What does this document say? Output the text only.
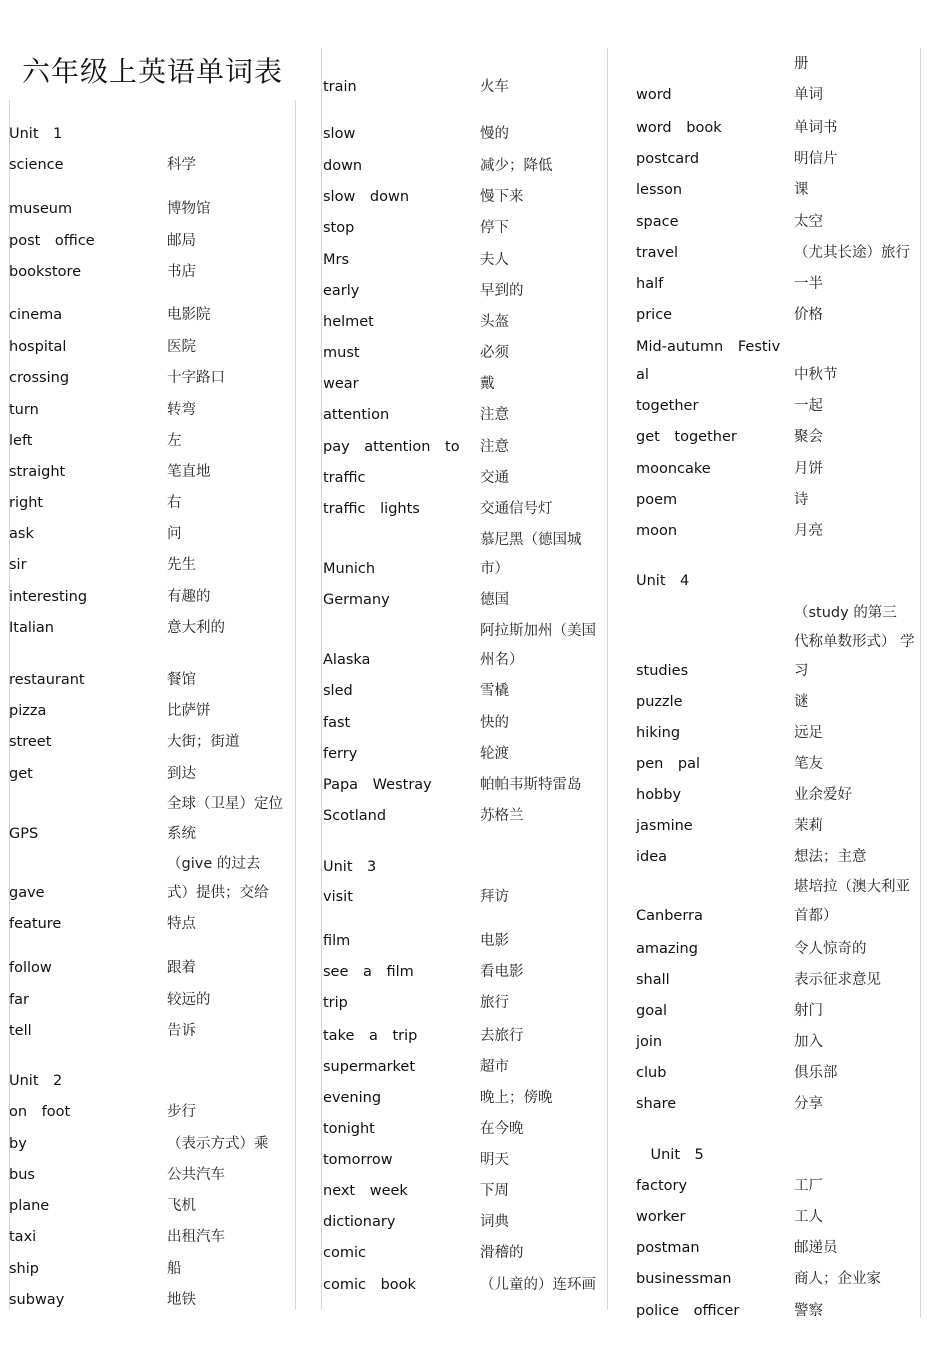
六年级上英语单词表
Unit　1
science	科学
museum	博物馆
post office	邮局
bookstore	书店
cinema	电影院
hospital	医院
crossing	十字路口
turn	转弯
left	左
straight	笔直地
right	右
ask	问
sir	先生
interesting	有趣的
Italian	意大利的
restaurant	餐馆
pizza	比萨饼
street	大街；街道
get	到达
全球（卫星）定位
GPS	系统
（give 的过去
gave	式）提供；交给
feature	特点
follow	跟着
far	较远的
tell	告诉
Unit　2
on foot	步行
by	（表示方式）乘
bus	公共汽车
plane	飞机
taxi	出租汽车
ship	船
subway	地铁
train	火车
slow	慢的
down	减少；降低
slow down	慢下来
stop	停下
Mrs	夫人
early	早到的
helmet	头盔
must	必须
wear	戴
attention	注意
pay attention to 注意
traffic	交通
traffic lights	交通信号灯
慕尼黑（德国城
Munich	市）
Germany	德国
阿拉斯加州（美国
Alaska	州名）
sled	雪橇
fast	快的
ferry	轮渡
Papa Westray	帕帕韦斯特雷岛
Scotland	苏格兰
Unit　3
visit	拜访
film	电影
see a film	看电影
trip	旅行
take a trip	去旅行
supermarket	超市
evening	晚上；傍晚
tonight	在今晚
tomorrow	明天
next week	下周
dictionary	词典
comic	滑稽的
comic book	（儿童的）连环画
册
word	单词
word book	单词书
postcard	明信片
lesson	课
space	太空
travel	（尤其长途）旅行
half	一半
price	价格
Mid-autumn Festiv
al	中秋节
together	一起
get together	聚会
mooncake	月饼
poem	诗
moon	月亮
Unit　4
（study 的第三
代称单数形式） 学
studies	习
puzzle	谜
hiking	远足
pen pal	笔友
hobby	业余爱好
jasmine	茉莉
idea	想法；主意
堪培拉（澳大利亚
Canberra	首都）
amazing	令人惊奇的
shall	表示征求意见
goal	射门
join	加入
club	俱乐部
share	分享
　Unit　5
factory	工厂
worker	工人
postman	邮递员
businessman	商人；企业家
police officer	警察
